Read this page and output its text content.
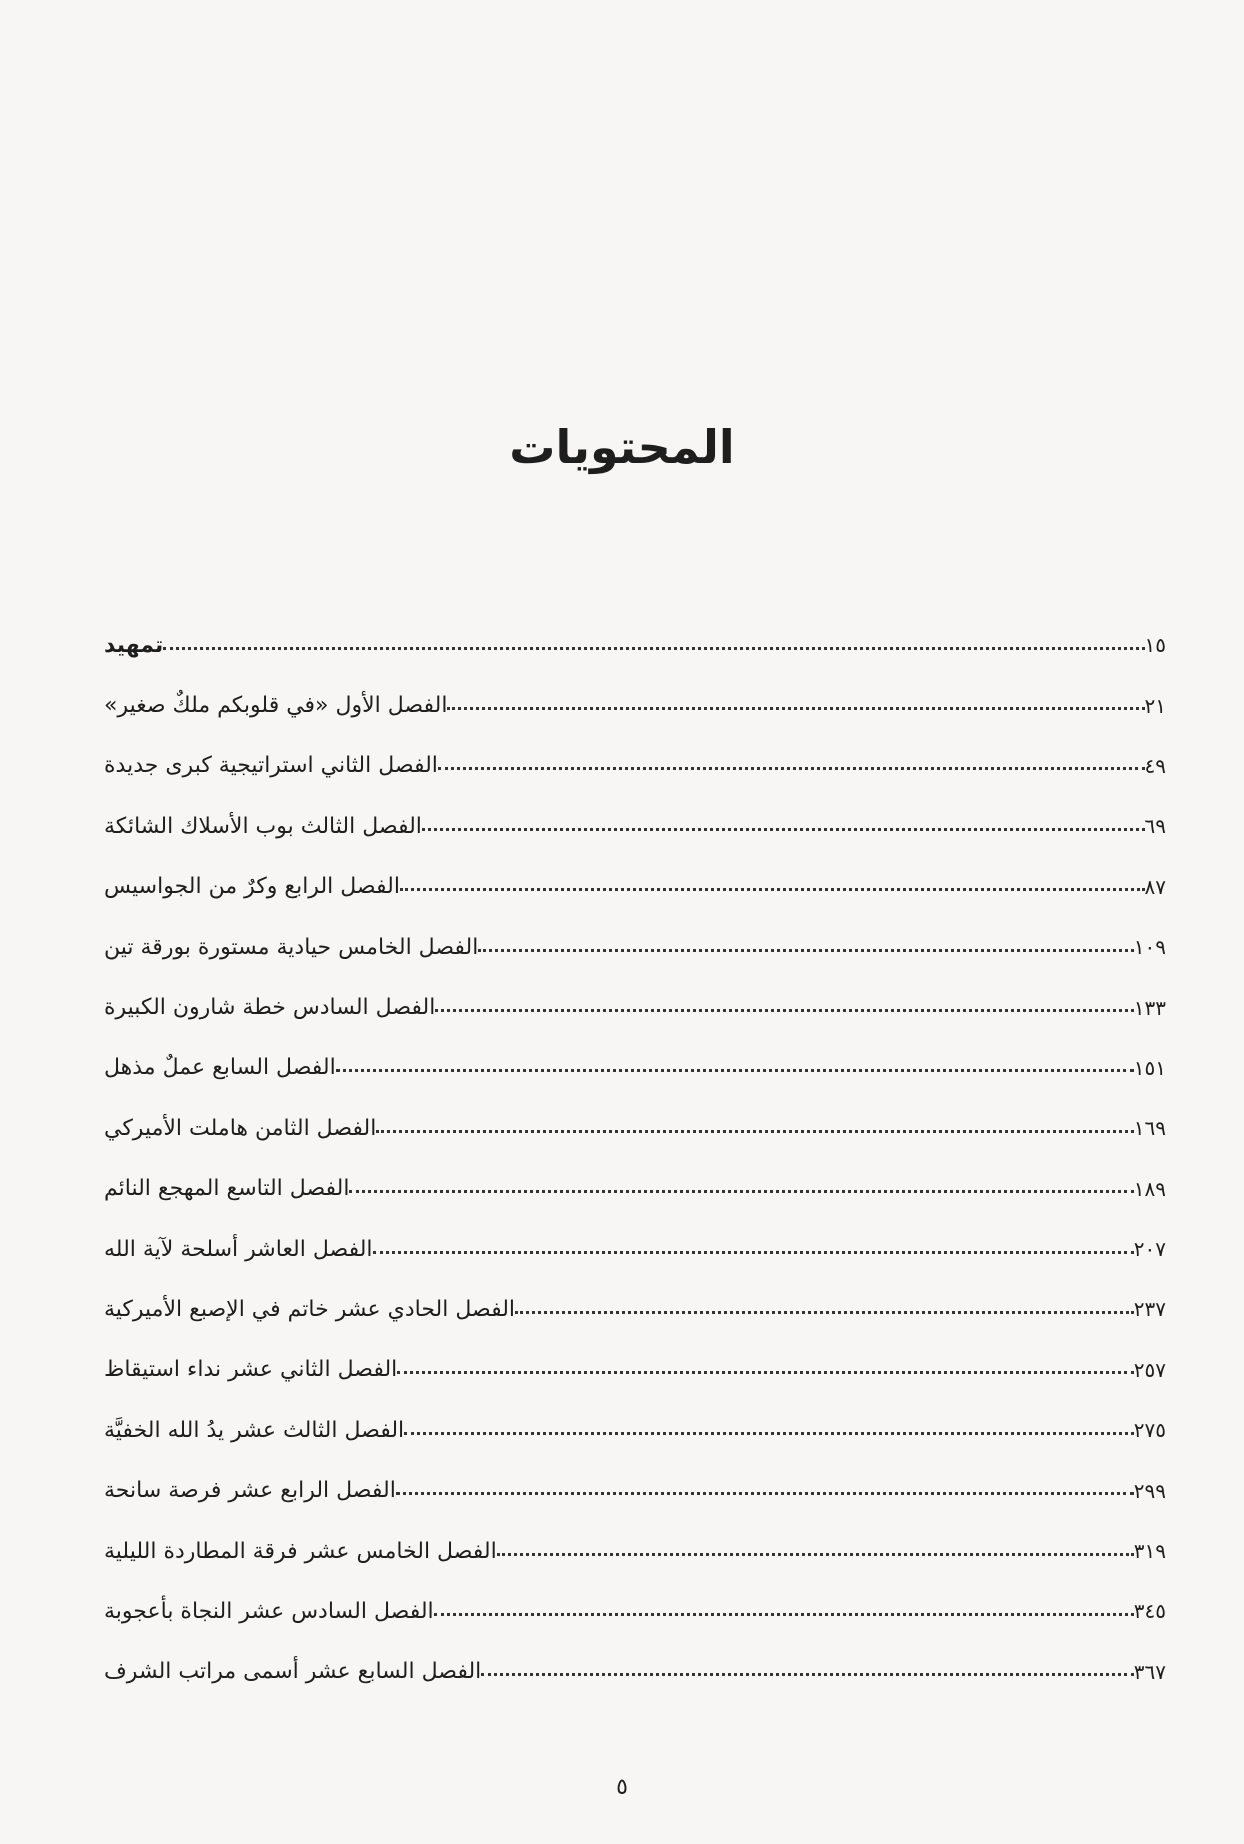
المحتويات
تمهيد	١٥
الفصل الأول «في قلوبكم ملكٌ صغير»	٢١
الفصل الثاني استراتيجية كبرى جديدة	٤٩
الفصل الثالث بوب الأسلاك الشائكة	٦٩
الفصل الرابع وكرٌ من الجواسيس	٨٧
الفصل الخامس حيادية مستورة بورقة تين	١٠٩
الفصل السادس خطة شارون الكبيرة	١٣٣
الفصل السابع عملٌ مذهل	١٥١
الفصل الثامن هاملت الأميركي	١٦٩
الفصل التاسع المهجع النائم	١٨٩
الفصل العاشر أسلحة لآية الله	٢٠٧
الفصل الحادي عشر خاتم في الإصبع الأميركية	٢٣٧
الفصل الثاني عشر نداء استيقاظ	٢٥٧
الفصل الثالث عشر يدُ الله الخفيَّة	٢٧٥
الفصل الرابع عشر فرصة سانحة	٢٩٩
الفصل الخامس عشر فرقة المطاردة الليلية	٣١٩
الفصل السادس عشر النجاة بأعجوبة	٣٤٥
الفصل السابع عشر أسمى مراتب الشرف	٣٦٧
٥
